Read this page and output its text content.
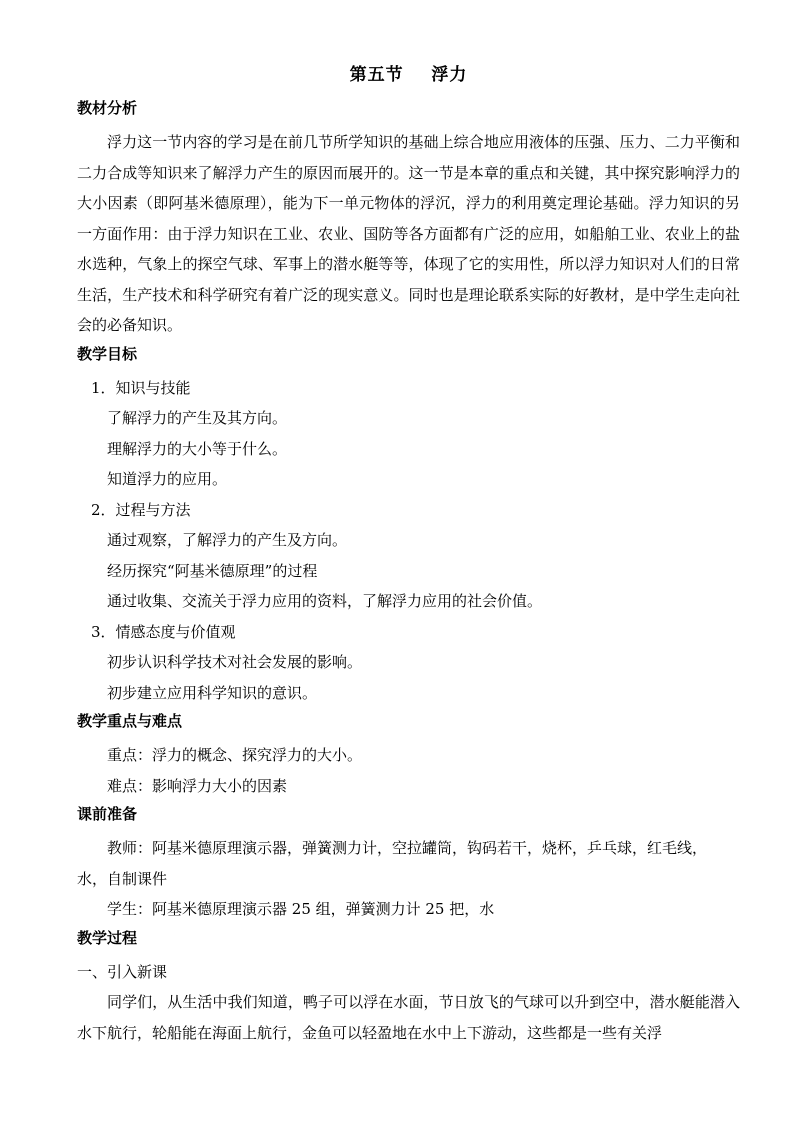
第五节    浮力
教材分析

浮力这一节内容的学习是在前几节所学知识的基础上综合地应用液体的压强、压力、二力平衡和二力合成等知识来了解浮力产生的原因而展开的。这一节是本章的重点和关键，其中探究影响浮力的大小因素（即阿基米德原理），能为下一单元物体的浮沉，浮力的利用奠定理论基础。浮力知识的另一方面作用：由于浮力知识在工业、农业、国防等各方面都有广泛的应用，如船舶工业、农业上的盐水选种，气象上的探空气球、军事上的潜水艇等等，体现了它的实用性，所以浮力知识对人们的日常生活，生产技术和科学研究有着广泛的现实意义。同时也是理论联系实际的好教材，是中学生走向社会的必备知识。

教学目标

1．知识与技能

了解浮力的产生及其方向。

理解浮力的大小等于什么。

知道浮力的应用。

2．过程与方法

通过观察，了解浮力的产生及方向。

经历探究“阿基米德原理”的过程

通过收集、交流关于浮力应用的资料，了解浮力应用的社会价值。

3．情感态度与价值观

初步认识科学技术对社会发展的影响。

初步建立应用科学知识的意识。

教学重点与难点

重点：浮力的概念、探究浮力的大小。

难点：影响浮力大小的因素

课前准备

教师：阿基米德原理演示器，弹簧测力计，空拉罐筒，钩码若干，烧杯，乒乓球，红毛线，

水，自制课件

学生：阿基米德原理演示器 25 组，弹簧测力计 25 把，水

教学过程

一、引入新课

同学们，从生活中我们知道，鸭子可以浮在水面，节日放飞的气球可以升到空中，潜水艇能潜入水下航行，轮船能在海面上航行，金鱼可以轻盈地在水中上下游动，这些都是一些有关浮
